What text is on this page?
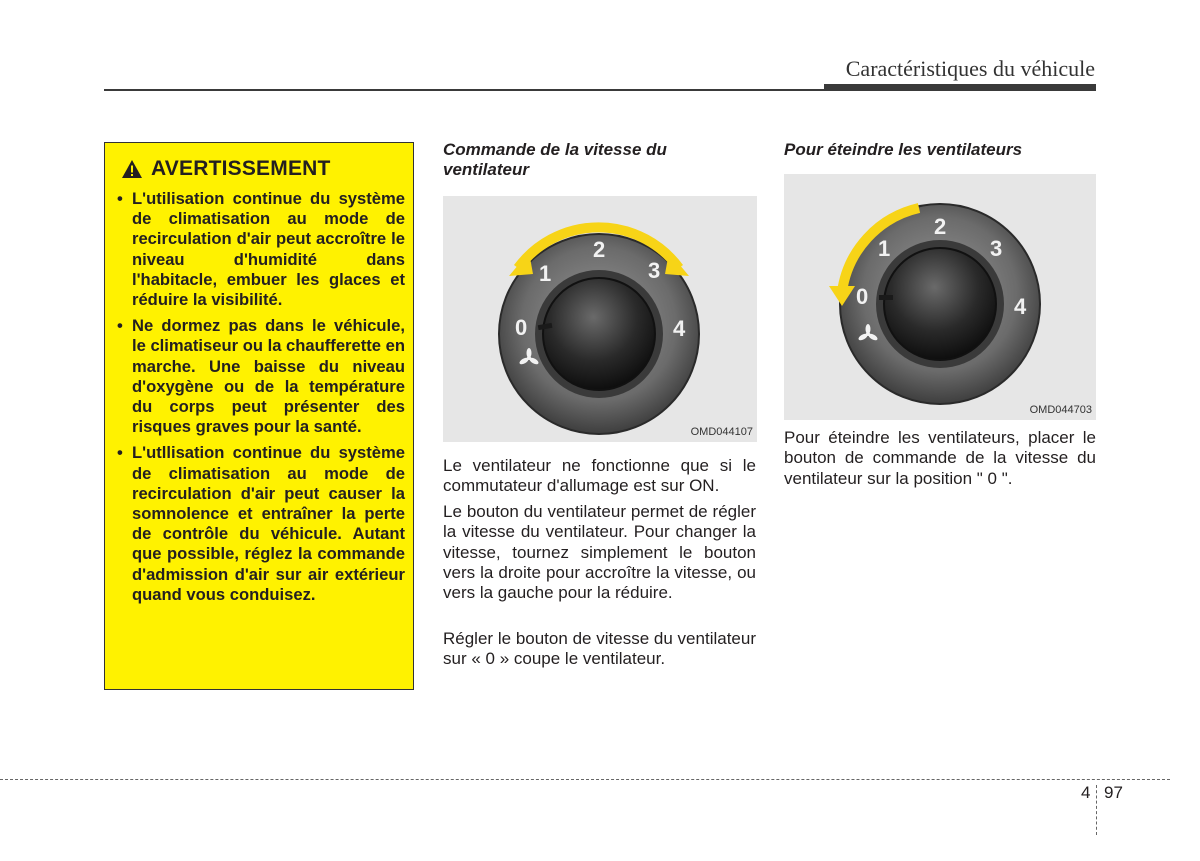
Caractéristiques du véhicule
AVERTISSEMENT
• L'utilisation continue du système de climatisation au mode de recirculation d'air peut accroître le niveau d'humidité dans l'habitacle, embuer les glaces et réduire la visibilité.
• Ne dormez pas dans le véhicule, le climatiseur ou la chaufferette en marche. Une baisse du niveau d'oxygène ou de la température du corps peut présenter des risques graves pour la santé.
• L'utllisation continue du système de climatisation au mode de recirculation d'air peut causer la somnolence et entraîner la perte de contrôle du véhicule. Autant que possible, réglez la commande d'admission d'air sur air extérieur quand vous conduisez.
Commande de la vitesse du ventilateur
0
1
2
3
4
OMD044107

Le ventilateur ne fonctionne que si le commutateur d'allumage est sur ON.

Le bouton du ventilateur permet de régler la vitesse du ventilateur. Pour changer la vitesse, tournez simplement le bouton vers la droite pour accroître la vitesse, ou vers la gauche pour la réduire.

Régler le bouton de vitesse du ventilateur sur « 0 » coupe le ventilateur.

Pour éteindre les ventilateurs
0
1
2
3
4
OMD044703

Pour éteindre les ventilateurs, placer le bouton de commande de la vitesse du ventilateur sur la position " 0 ".

4 97
